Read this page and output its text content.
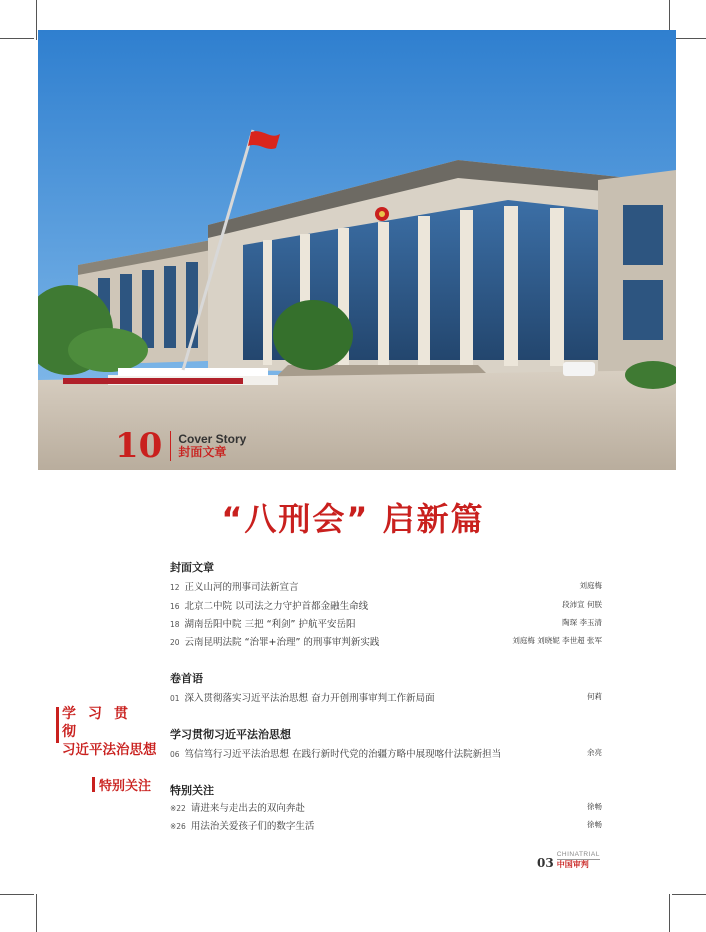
10 Cover Story
封面文章
“八刑会” 启新篇
封面文章
12 正义山河的刑事司法新宣言	刘庭梅
16 北京二中院 以司法之力守护首都金融生命线	段沛宣 何朕
18 湖南岳阳中院 三把 “利剑” 护航平安岳阳	陶琛 李玉清
20 云南昆明法院 “治罪+治理” 的刑事审判新实践	刘庭梅 刘晓妮 李世超 张军
卷首语
01 深入贯彻落实习近平法治思想 奋力开创刑事审判工作新局面	何莉
学习贯彻习近平法治思想
06 笃信笃行习近平法治思想 在践行新时代党的治疆方略中展现喀什法院新担当	余亮
特别关注
※22 请进来与走出去的双向奔赴	徐畅
※26 用法治关爱孩子们的数字生活	徐畅
学习贯彻
习近平法治思想
特别关注
03
CHINATRIAL
中国审判
